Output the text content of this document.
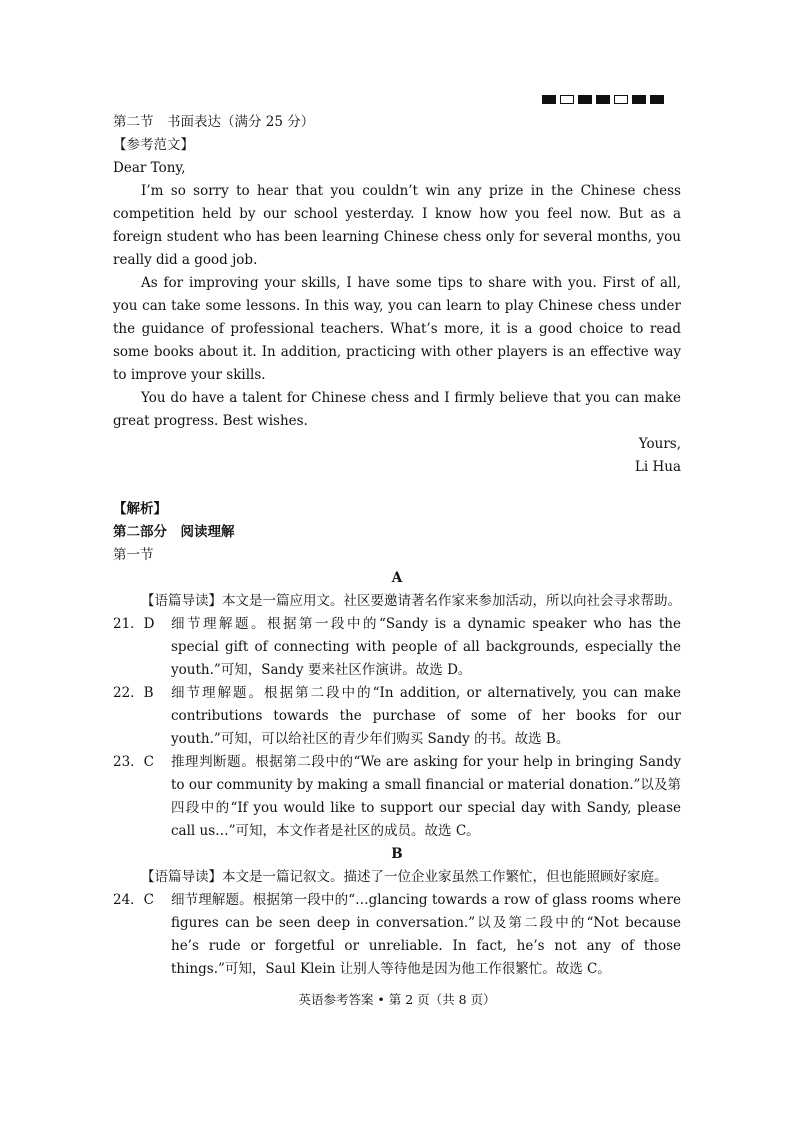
第二节　书面表达（满分 25 分）
【参考范文】
Dear Tony,
I’m so sorry to hear that you couldn’t win any prize in the Chinese chess competition held by our school yesterday. I know how you feel now. But as a foreign student who has been learning Chinese chess only for several months, you really did a good job.
As for improving your skills, I have some tips to share with you. First of all, you can take some lessons. In this way, you can learn to play Chinese chess under the guidance of professional teachers. What’s more, it is a good choice to read some books about it. In addition, practicing with other players is an effective way to improve your skills.
You do have a talent for Chinese chess and I firmly believe that you can make great progress. Best wishes.
Yours,
Li Hua
【解析】
第二部分　阅读理解
第一节
A
【语篇导读】本文是一篇应用文。社区要邀请著名作家来参加活动，所以向社会寻求帮助。
21．D	细节理解题。根据第一段中的“Sandy is a dynamic speaker who has the special gift of connecting with people of all backgrounds, especially the youth.”可知，Sandy 要来社区作演讲。故选 D。
22．B	细节理解题。根据第二段中的“In addition, or alternatively, you can make contributions towards the purchase of some of her books for our youth.”可知，可以给社区的青少年们购买 Sandy 的书。故选 B。
23．C	推理判断题。根据第二段中的“We are asking for your help in bringing Sandy to our community by making a small financial or material donation.”以及第四段中的“If you would like to support our special day with Sandy, please call us…”可知，本文作者是社区的成员。故选 C。
B
【语篇导读】本文是一篇记叙文。描述了一位企业家虽然工作繁忙，但也能照顾好家庭。
24．C	细节理解题。根据第一段中的“…glancing towards a row of glass rooms where figures can be seen deep in conversation.”以及第二段中的“Not because he’s rude or forgetful or unreliable. In fact, he’s not any of those things.”可知，Saul Klein 让别人等待他是因为他工作很繁忙。故选 C。
英语参考答案 • 第 2 页（共 8 页）
